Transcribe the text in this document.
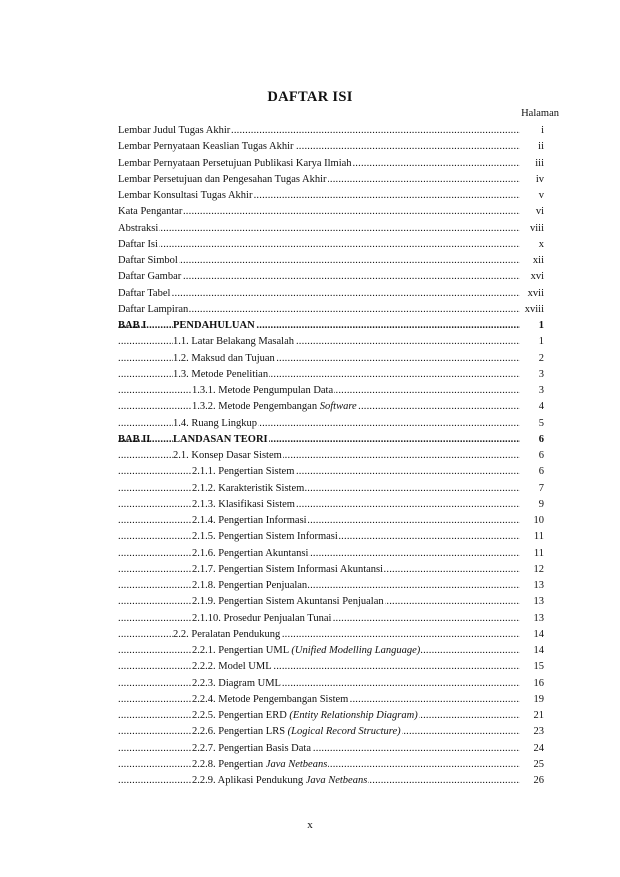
DAFTAR ISI
Halaman
.....
Lembar Judul Tugas Akhir	i
.....
Lembar Pernyataan Keaslian Tugas Akhir	ii
.....
Lembar Pernyataan Persetujuan Publikasi Karya Ilmiah	iii
.....
Lembar Persetujuan dan Pengesahan Tugas Akhir	iv
.....
Lembar Konsultasi Tugas Akhir	v
.....
Kata Pengantar	vi
.....
Abstraksi	viii
.....
Daftar Isi	x
.....
Daftar Simbol	xii
.....
Daftar Gambar	xvi
.....
Daftar Tabel	xvii
.....
Daftar Lampiran	xviii
.....
BAB I	PENDAHULUAN	1
.....
1.1. Latar Belakang Masalah	1
.....
1.2. Maksud dan Tujuan	2
.....
1.3. Metode Penelitian	3
.....
1.3.1. Metode Pengumpulan Data	3
.....
1.3.2. Metode Pengembangan Software	4
.....
1.4. Ruang Lingkup	5
.....
BAB II LANDASAN TEORI	6
.....
2.1. Konsep Dasar Sistem	6
.....
2.1.1. Pengertian Sistem	6
.....
2.1.2. Karakteristik Sistem	7
.....
2.1.3. Klasifikasi Sistem	9
.....
2.1.4. Pengertian Informasi	10
.....
2.1.5. Pengertian Sistem Informasi	11
.....
2.1.6. Pengertian Akuntansi	11
.....
2.1.7. Pengertian Sistem Informasi Akuntansi	12
.....
2.1.8. Pengertian Penjualan	13
.....
2.1.9. Pengertian Sistem Akuntansi Penjualan	13
.....
2.1.10. Prosedur Penjualan Tunai	13
.....
2.2. Peralatan Pendukung	14
.....
2.2.1. Pengertian UML (Unified Modelling Language)	14
.....
2.2.2. Model UML	15
.....
2.2.3. Diagram UML	16
.....
2.2.4. Metode Pengembangan Sistem	19
.....
2.2.5. Pengertian ERD (Entity Relationship Diagram)	21
.....
2.2.6. Pengertian LRS (Logical Record Structure)	23
.....
2.2.7. Pengertian Basis Data	24
.....
2.2.8. Pengertian Java Netbeans	25
.....
2.2.9. Aplikasi Pendukung Java Netbeans	26
x
